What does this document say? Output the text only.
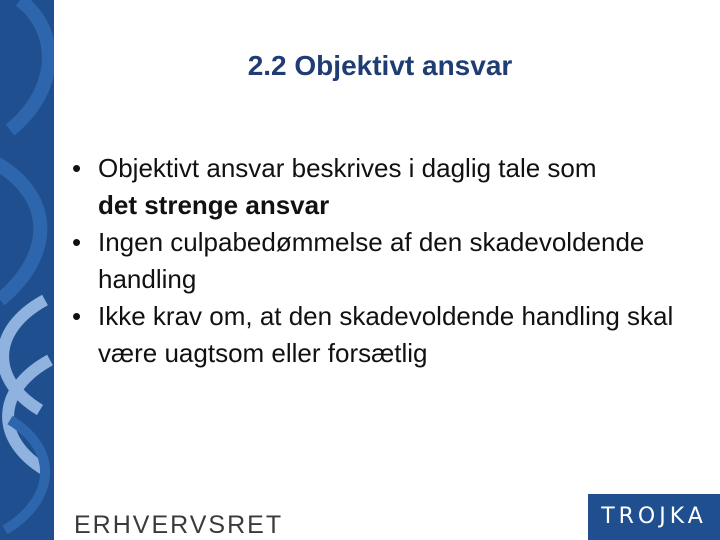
2.2 Objektivt ansvar
• Objektivt ansvar beskrives i daglig tale som
det strenge ansvar
• Ingen culpabedømmelse af den skadevoldende handling
• Ikke krav om, at den skadevoldende handling skal være uagtsom eller forsætlig
ERHVERVSRET	TROJKA
